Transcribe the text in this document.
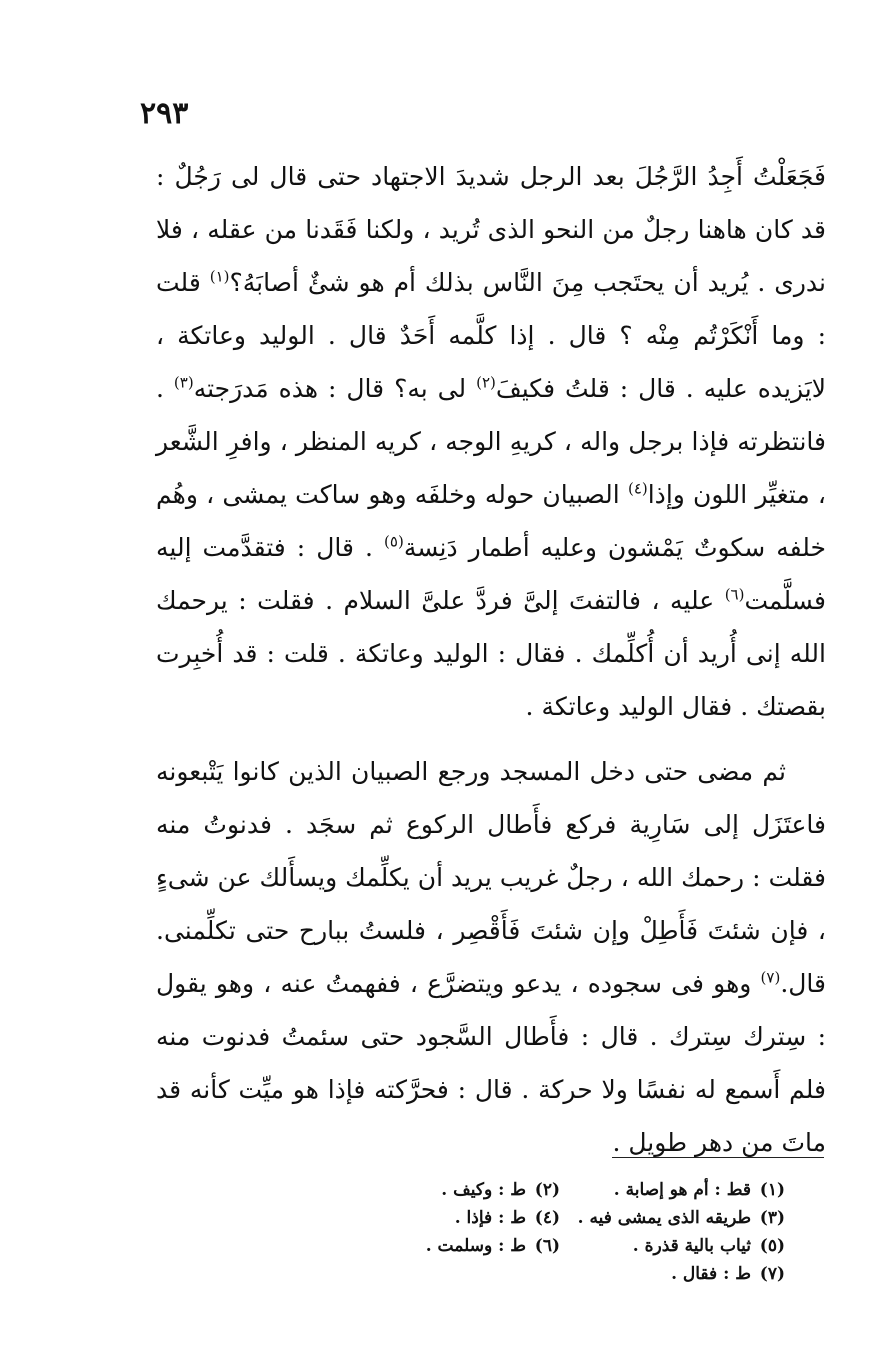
٢٩٣

فَجَعَلْتُ أَجِدُ الرَّجُلَ بعد الرجل شديدَ الاجتهاد حتى قال لى رَجُلٌ : قد كان هاهنا رجلٌ من النحو الذى تُريد ، ولكنا فَقَدنا من عقله ، فلا ندرى . يُريد أن يحتَجب مِنَ النَّاس بذلك أم هو شئٌ أصابَهُ؟$^{(١)}$ قلت : وما أَنْكَرْتُم مِنْه ؟ قال . إذا كلَّمه أَحَدٌ قال . الوليد وعاتكة ، لايَزيده عليه . قال : قلتُ فكيفَ$^{(٢)}$ لى به؟ قال : هذه مَدرَجته$^{(٣)}$ . فانتظرته فإذا برجل واله ، كريهِ الوجه ، كريه المنظر ، وافرِ الشَّعر ، متغيِّر اللون وإذا$^{(٤)}$ الصبيان حوله وخلفَه وهو ساكت يمشى ، وهُم خلفه سكوتٌ يَمْشون وعليه أطمار دَنِسة$^{(٥)}$ . قال : فتقدَّمت إليه فسلَّمت$^{(٦)}$ عليه ، فالتفتَ إلىَّ فردَّ علىَّ السلام . فقلت : يرحمك الله إنى أُريد أن أُكلِّمك . فقال : الوليد وعاتكة . قلت : قد أُخبِرت بقصتك . فقال الوليد وعاتكة .

ثم مضى حتى دخل المسجد ورجع الصبيان الذين كانوا يَتْبعونه فاعتَزَل إلى سَارِية فركع فأَطال الركوع ثم سجَد . فدنوتُ منه فقلت : رحمك الله ، رجلٌ غريب يريد أن يكلِّمك ويسأَلك عن شىءٍ ، فإن شئتَ فَأَطِلْ وإن شئتَ فَأَقْصِر ، فلستُ ببارح حتى تكلِّمنى. قال.$^{(٧)}$ وهو فى سجوده ، يدعو ويتضرَّع ، ففهمتُ عنه ، وهو يقول : سِترك سِترك . قال : فأَطال السَّجود حتى سئمتُ فدنوت منه فلم أَسمع له نفسًا ولا حركة . قال : فحرَّكته فإذا هو ميِّت كأنه قد ماتَ من دهر طويل .

(١)قط : أم هو إصابة .
(٢)ط : وكيف .
(٣)طريقه الذى يمشى فيه .
(٤)ط : فإذا .
(٥)ثياب بالية قذرة .
(٦)ط : وسلمت .
(٧)ط : فقال .
